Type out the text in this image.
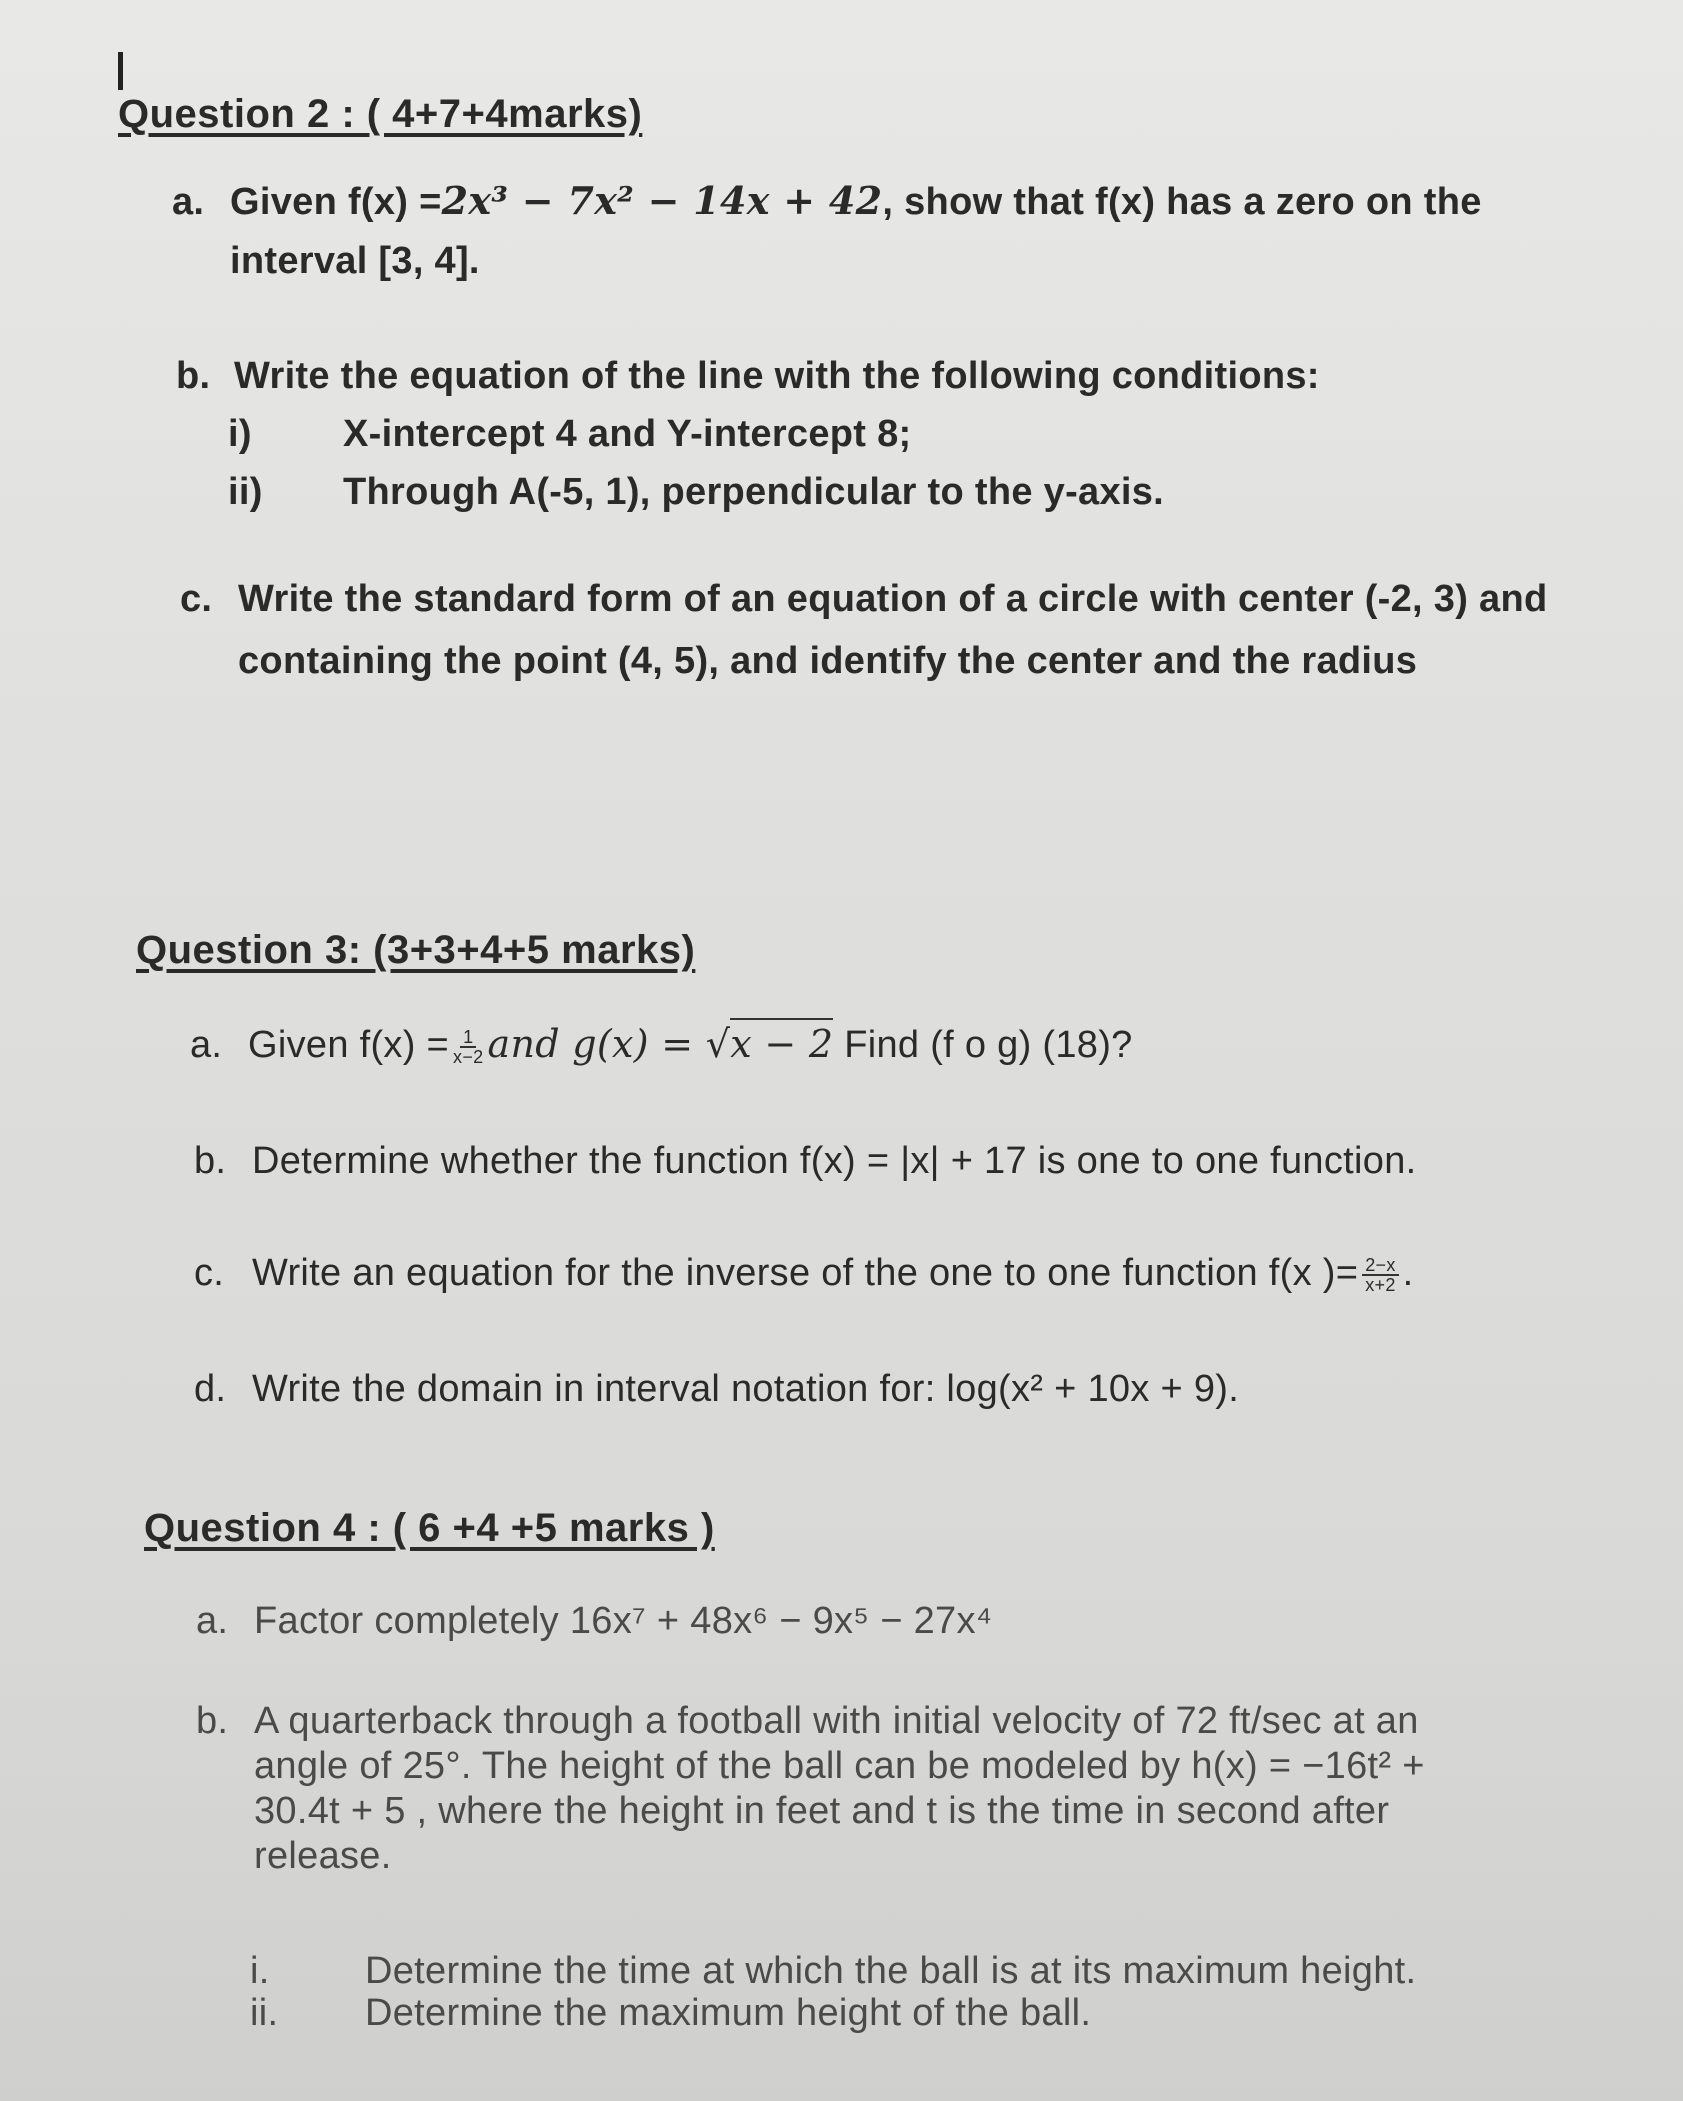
Question 2 : ( 4+7+4marks)
a. Given f(x) =2x³ − 7x² − 14x + 42, show that f(x) has a zero on the
interval [3, 4].
b. Write the equation of the line with the following conditions:
i) X-intercept 4 and Y-intercept 8;
ii) Through A(-5, 1), perpendicular to the y-axis.
c. Write the standard form of an equation of a circle with center (-2, 3) and
containing the point (4, 5), and identify the center and the radius
Question 3: (3+3+4+5 marks)
a. Given $f(x) = \frac{1}{x-2}$ and g(x) = √x − 2 Find (f o g) (18)?
b. Determine whether the function f(x) = |x| + 17 is one to one function.
c. Write an equation for the inverse of the one to one function f(x )= $\frac{2-x}{x+2}$ .
d. Write the domain in interval notation for: log(x² + 10x + 9).
Question 4 : ( 6 +4 +5 marks )
a. Factor completely 16x⁷ + 48x⁶ − 9x⁵ − 27x⁴
b. A quarterback through a football with initial velocity of 72 ft/sec at an
angle of 25°. The height of the ball can be modeled by h(x) = −16t² +
30.4t + 5 , where the height in feet and t is the time in second after
release.
i.	Determine the time at which the ball is at its maximum height.
ii. Determine the maximum height of the ball.
